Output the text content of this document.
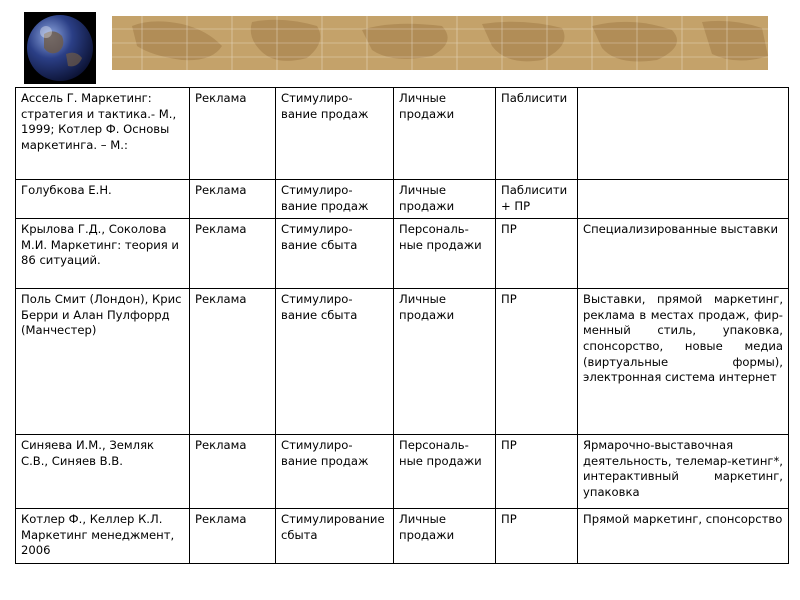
Ассель Г. Маркетинг: стратегия и тактика.- М., 1999; Котлер Ф. Основы маркетинга. – М.:	Реклама	Стимулиро-вание продаж	Личные продажи	Паблисити	
Голубкова Е.Н.	Реклама	Стимулиро-вание продаж	Личные продажи	Паблисити + ПР	
Крылова Г.Д., Соколова М.И. Маркетинг: теория и 86 ситуаций.	Реклама	Стимулиро-вание сбыта	Персональ-ные продажи	ПР	Специализированные выставки
Поль Смит (Лондон), Крис Берри и Алан Пулфоррд (Манчестер)	Реклама	Стимулиро-вание сбыта	Личные продажи	ПР	Выставки, прямой маркетинг, реклама в местах продаж, фир-менный стиль, упаковка, спонсорство, новые медиа (виртуальные формы), электронная система интернет
Синяева И.М., Земляк С.В., Синяев В.В.	Реклама	Стимулиро-вание продаж	Персональ-ные продажи	ПР	Ярмарочно-выставочная деятельность, телемар-кетинг*, интерактивный маркетинг, упаковка
Котлер Ф., Келлер К.Л. Маркетинг менеджмент, 2006	Реклама	Стимулирование сбыта	Личные продажи	ПР	Прямой маркетинг, спонсорство
